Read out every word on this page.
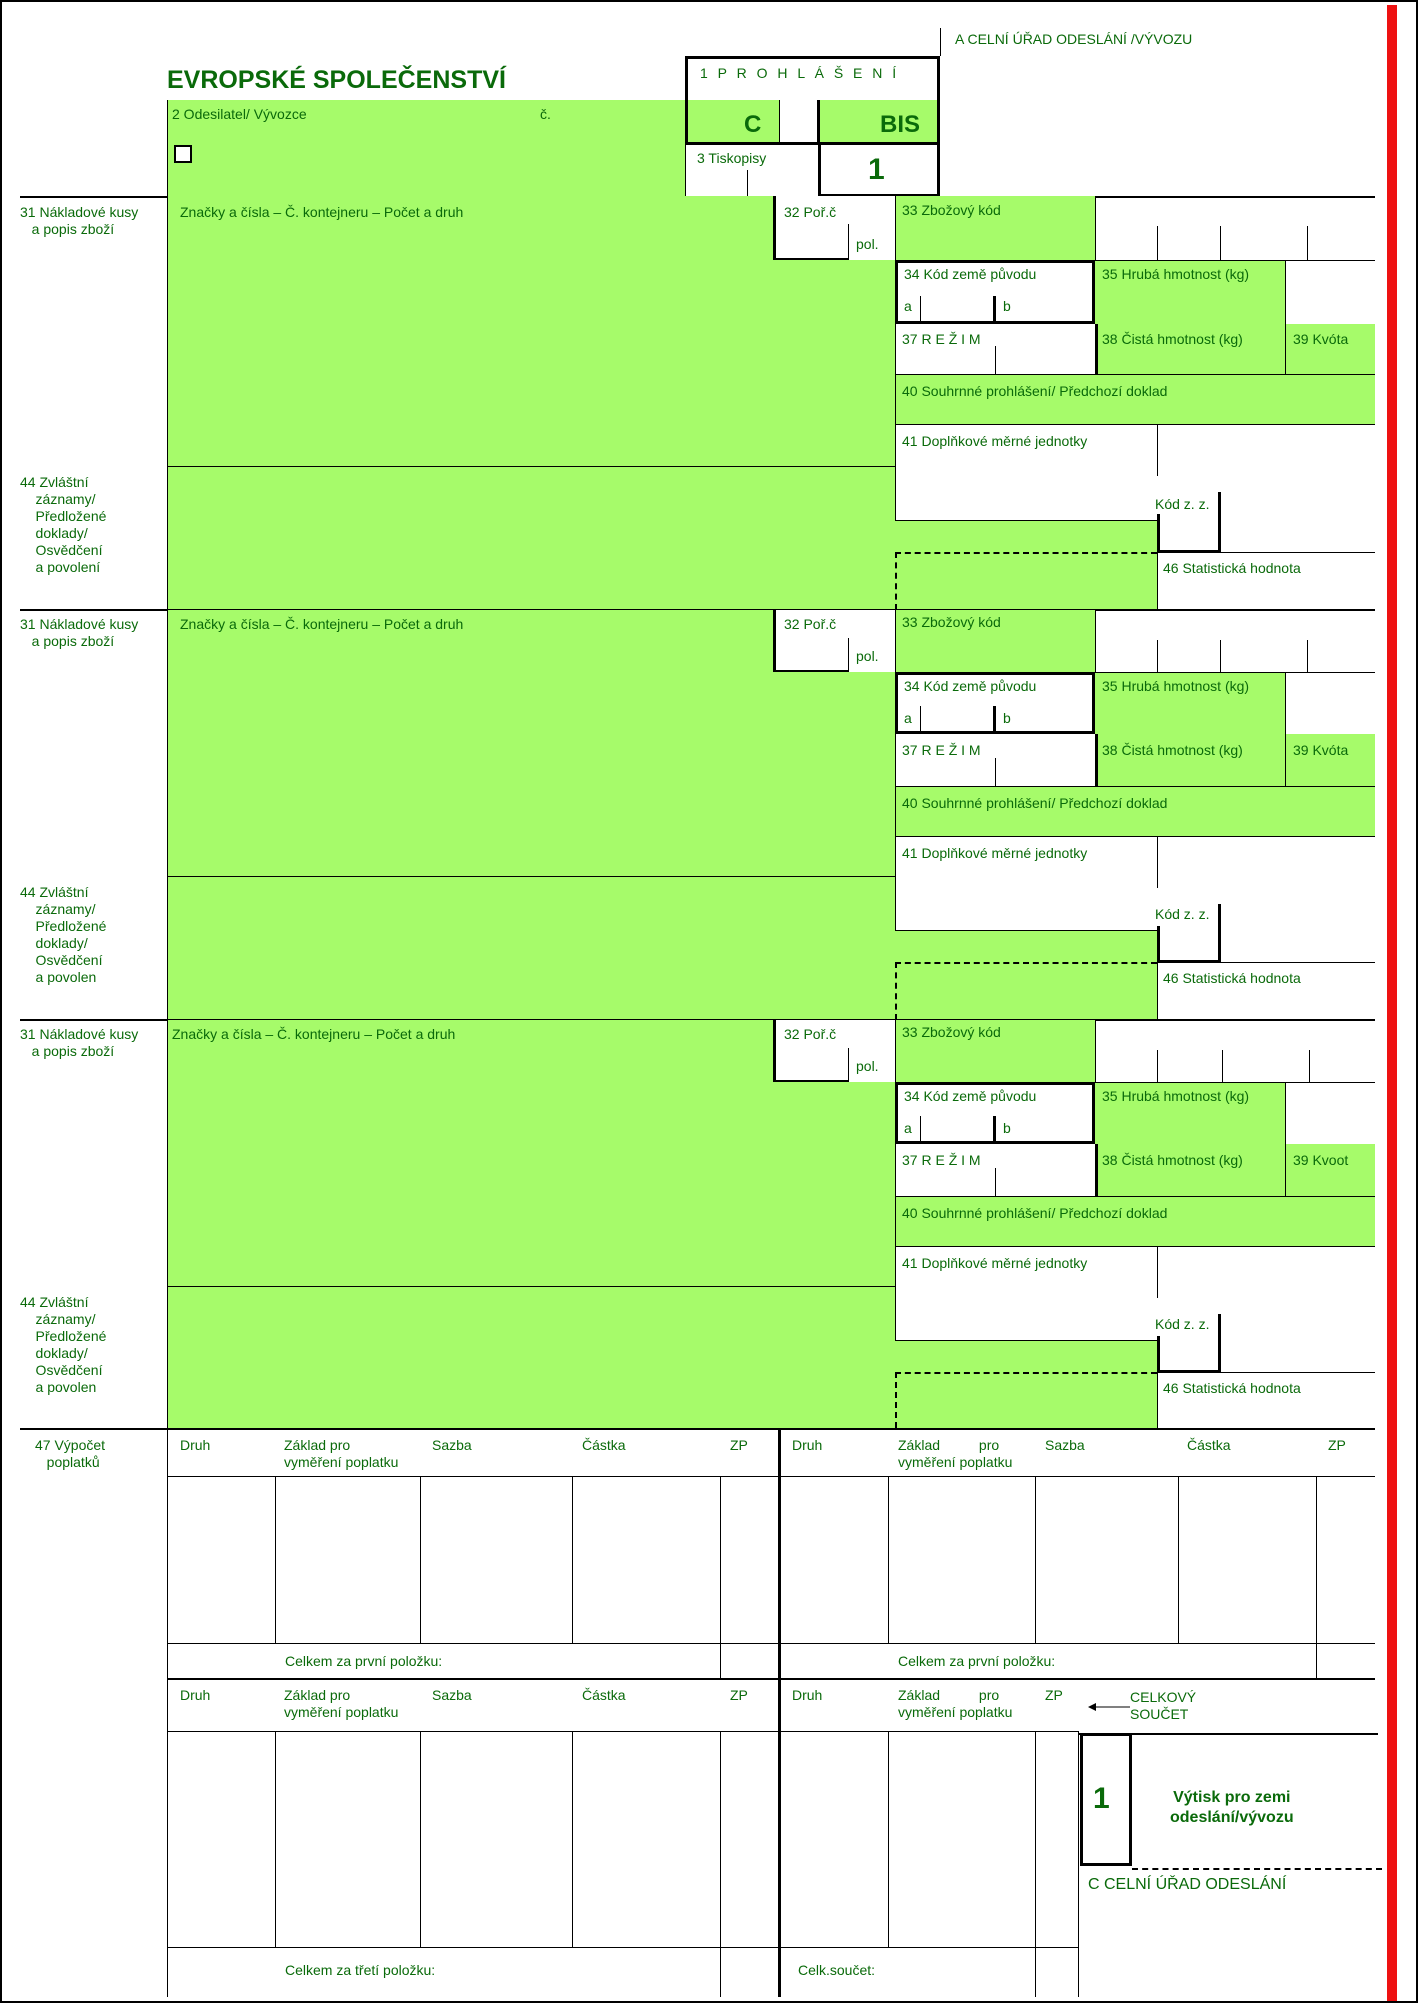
A CELNÍ ÚŘAD ODESLÁNÍ /VÝVOZU
EVROPSKÉ SPOLEČENSTVÍ	1 P R O H L Á Š E N Í
C	BIS
2 Odesilatel/ Vývozce	č.
3 Tiskopisy	1
31 Nákladové kusy
a popis zboží
Značky a čísla – Č. kontejneru – Počet a druh	32 Poř.č
pol.
33 Zbožový kód
34 Kód země původu
a	b
35 Hrubá hmotnost (kg)
37 R E Ž I M	38 Čistá hmotnost (kg)	39 Kvóta
40 Souhrnné prohlášení/ Předchozí doklad
41 Doplňkové měrné jednotky
44 Zvláštní
záznamy/
Předložené
doklady/
Osvědčení
a povolení
Kód z. z.
46 Statistická hodnota
31 Nákladové kusy
a popis zboží
Značky a čísla – Č. kontejneru – Počet a druh	32 Poř.č
pol.
33 Zbožový kód
34 Kód země původu
a	b
35 Hrubá hmotnost (kg)
37 R E Ž I M	38 Čistá hmotnost (kg)	39 Kvóta
40 Souhrnné prohlášení/ Předchozí doklad
41 Doplňkové měrné jednotky
44 Zvláštní
záznamy/
Předložené
doklady/
Osvědčení
a povolen
Kód z. z.
46 Statistická hodnota
31 Nákladové kusy
a popis zboží
Značky a čísla – Č. kontejneru – Počet a druh	32 Poř.č
pol.
33 Zbožový kód
34 Kód země původu
a	b
35 Hrubá hmotnost (kg)
37 R E Ž I M	38 Čistá hmotnost (kg)	39 Kvoot
40 Souhrnné prohlášení/ Předchozí doklad
41 Doplňkové měrné jednotky
44 Zvláštní
záznamy/
Předložené
doklady/
Osvědčení
a povolen
Kód z. z.
46 Statistická hodnota
47 Výpočet
poplatků
Druh	Základ pro
vyměření poplatku
Sazba	Částka	ZP	Druh	Základ          pro
vyměření poplatku
Sazba	Částka	ZP
Celkem za první položku:	Celkem za první položku:
Druh	Základ pro
vyměření poplatku
Sazba	Částka	ZP	Druh	Základ          pro
vyměření poplatku
ZP
Celkem za třetí položku:	Celk.součet:
CELKOVÝ
SOUČET
1	Výtisk pro zemi
odeslání/vývozu
C CELNÍ ÚŘAD ODESLÁNÍ
